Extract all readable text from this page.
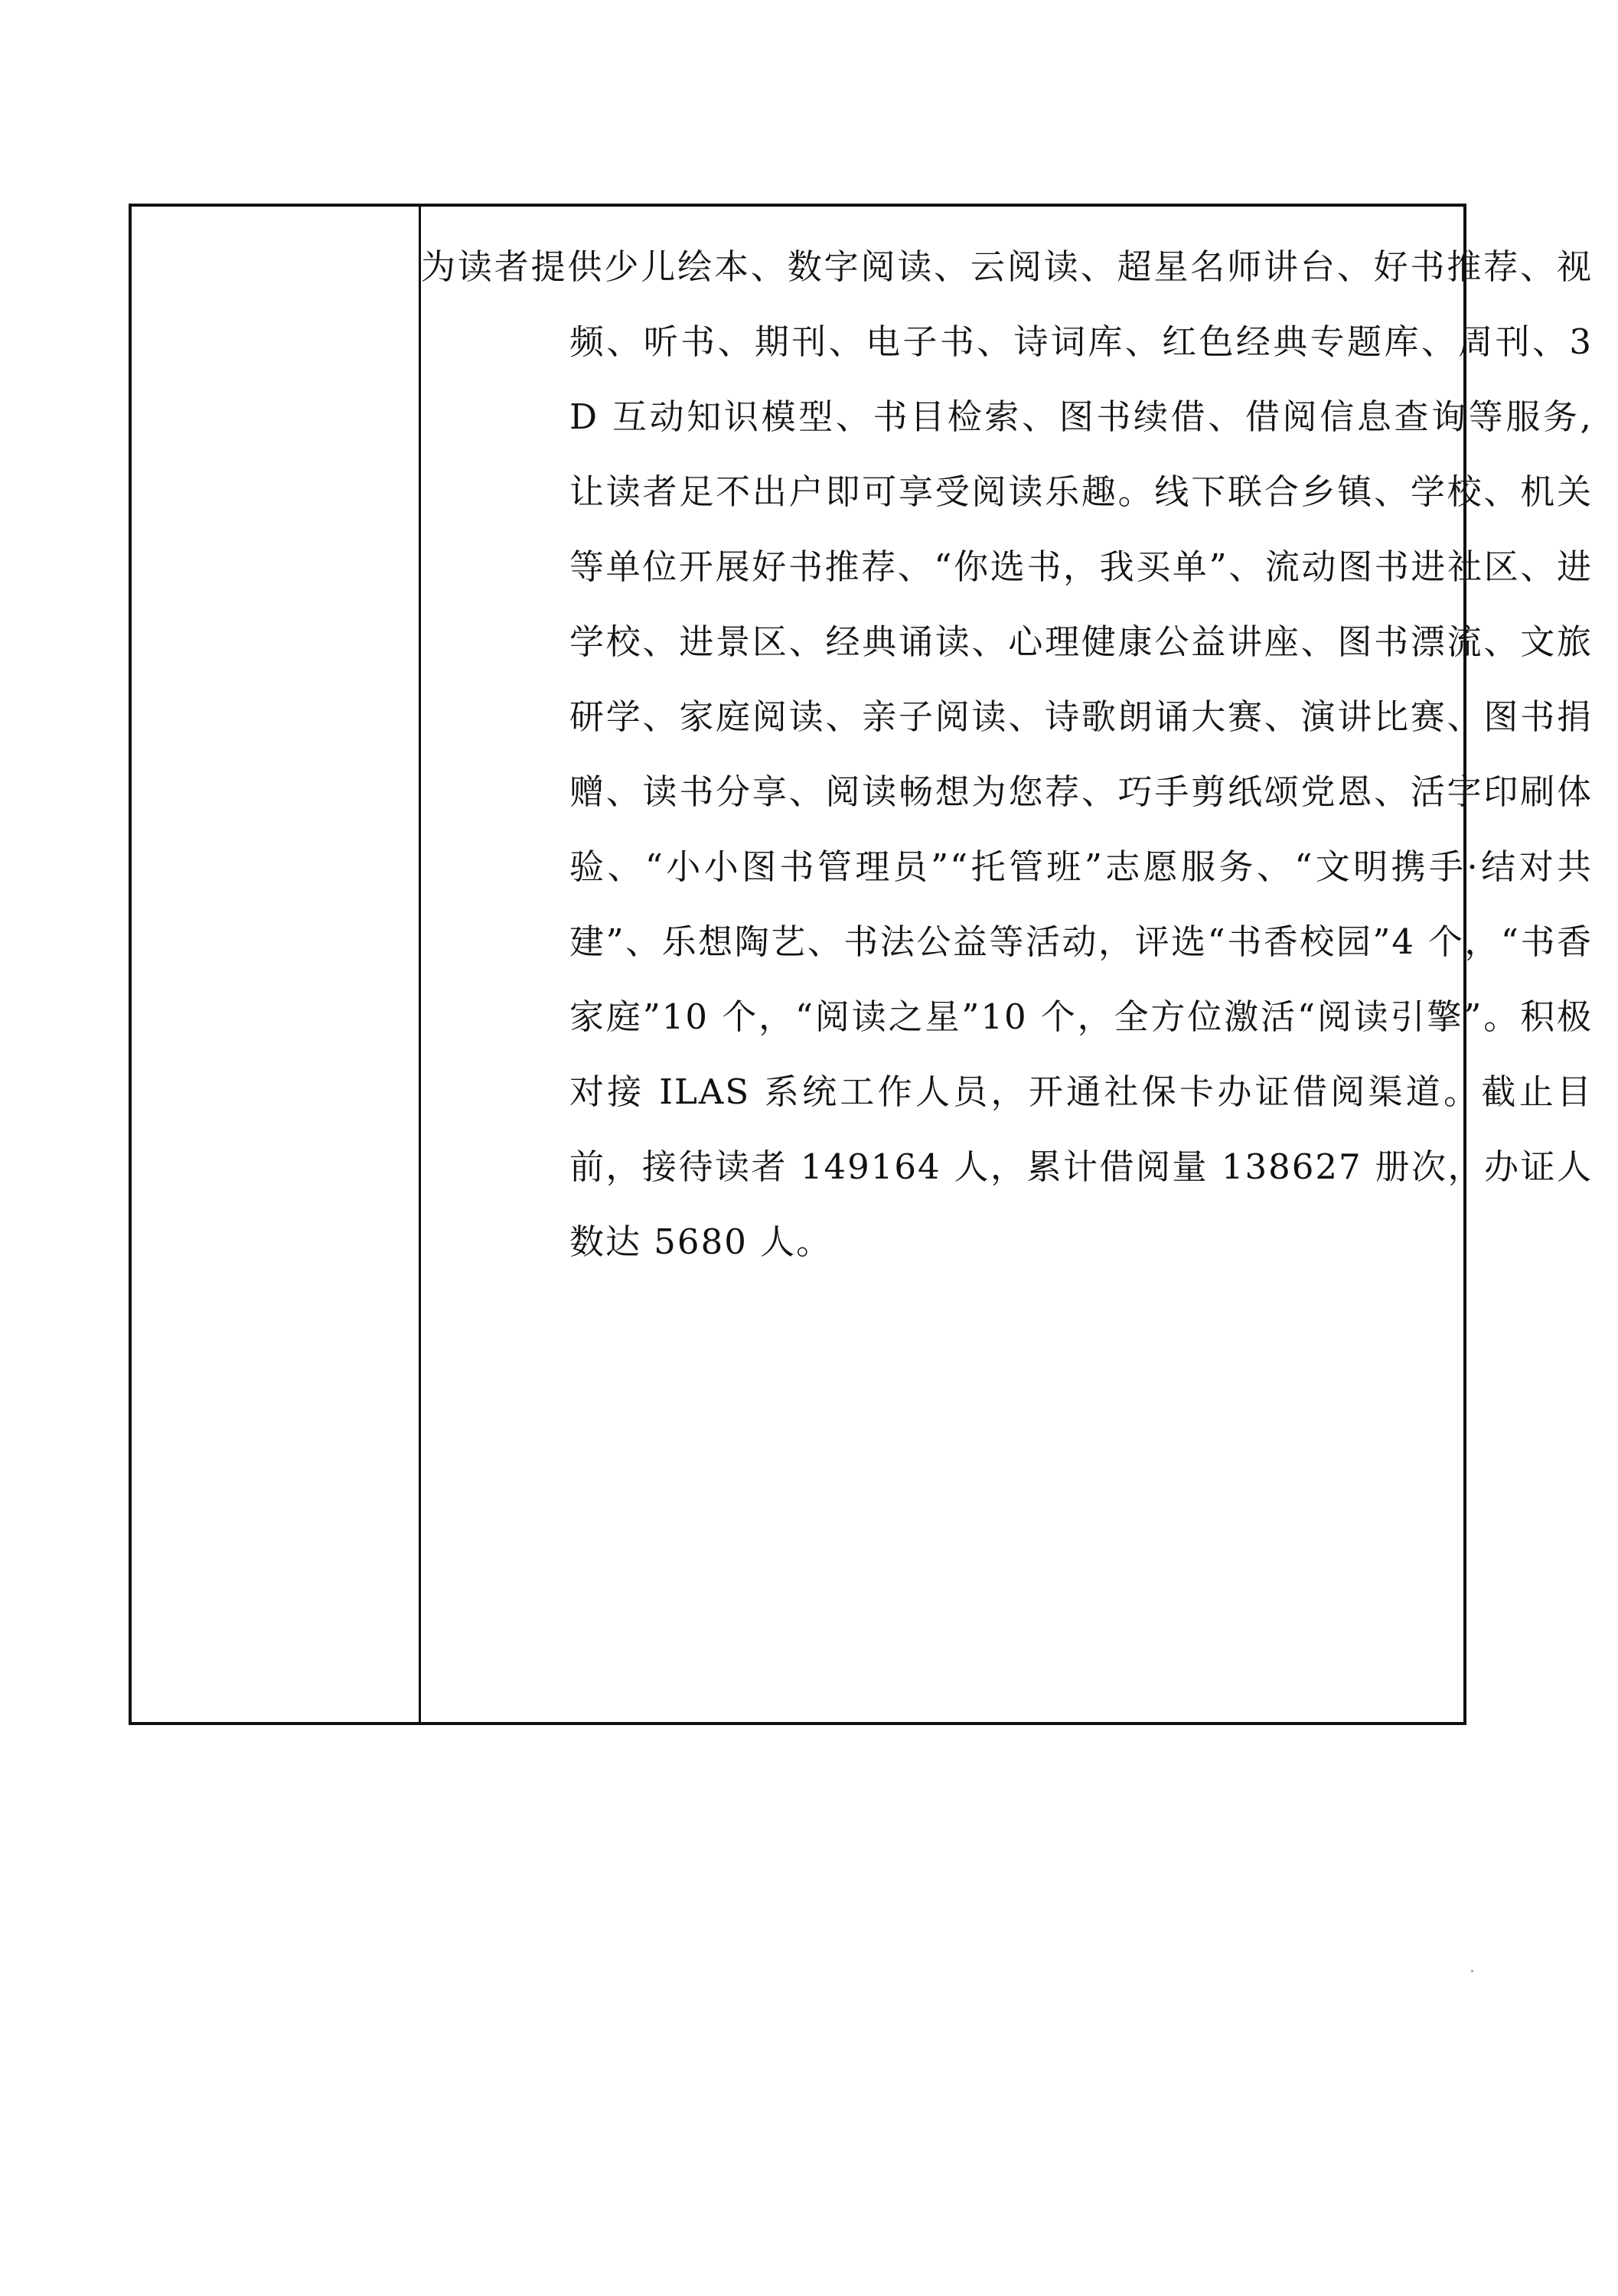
为读者提供少儿绘本、数字阅读、云阅读、超星名师讲台、好书推荐、视频、听书、期刊、电子书、诗词库、红色经典专题库、周刊、3D 互动知识模型、书目检索、图书续借、借阅信息查询等服务,让读者足不出户即可享受阅读乐趣。线下联合乡镇、学校、机关等单位开展好书推荐、“你选书，我买单”、流动图书进社区、进学校、进景区、经典诵读、心理健康公益讲座、图书漂流、文旅研学、家庭阅读、亲子阅读、诗歌朗诵大赛、演讲比赛、图书捐赠、读书分享、阅读畅想为您荐、巧手剪纸颂党恩、活字印刷体验、“小小图书管理员”“托管班”志愿服务、“文明携手·结对共建”、乐想陶艺、书法公益等活动，评选“书香校园”4 个，“书香家庭”10 个，“阅读之星”10 个，全方位激活“阅读引擎”。积极对接 ILAS 系统工作人员，开通社保卡办证借阅渠道。截止目前，接待读者 149164 人，累计借阅量 138627 册次，办证人数达 5680 人。
